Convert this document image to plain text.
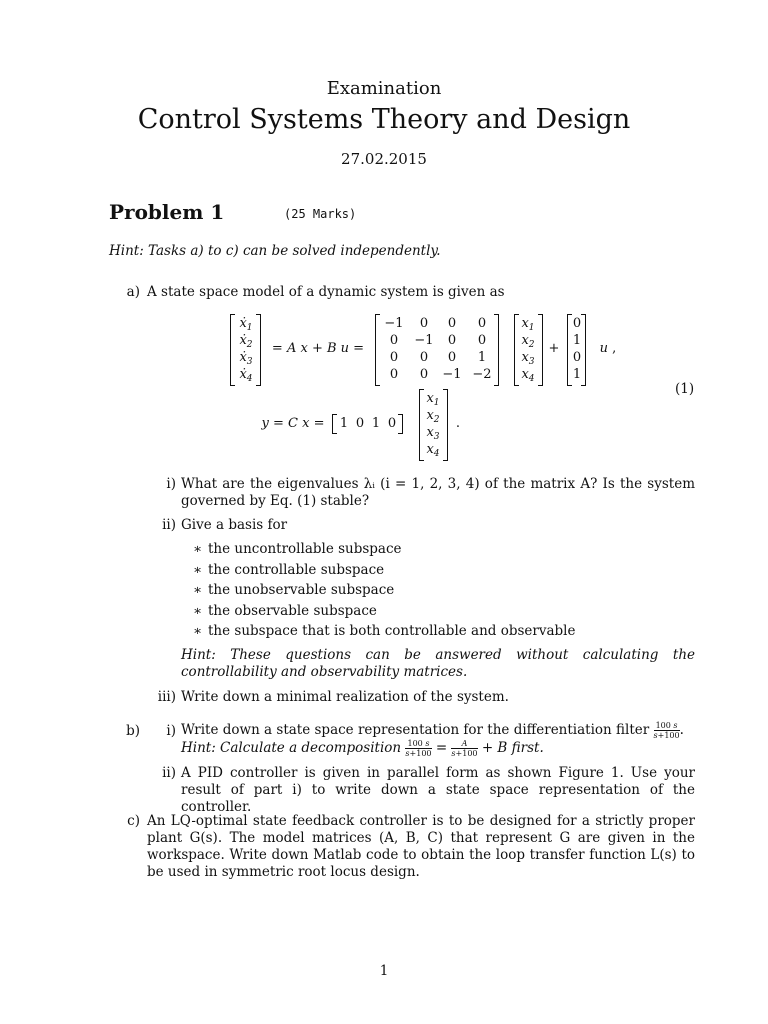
Examination
Control Systems Theory and Design
27.02.2015
Problem 1	(25 Marks)
Hint: Tasks a) to c) can be solved independently.
a) A state space model of a dynamic system is given as
ẋ$_1$
ẋ$_2$
ẋ$_3$
ẋ$_4$
= A x + B u =
−1	0	0	0
0	−1	0	0
0	0	0	1
0	0	−1 −2
$x_1$
$x_2$
$x_3$
$x_4$
+
0
1
0
1
u ,
(1)
y = C x =	1 0 1 0
$x_1$
$x_2$
$x_3$
$x_4$
.
i) What are the eigenvalues λᵢ (i = 1, 2, 3, 4) of the matrix A? Is the system governed by Eq. (1) stable?
ii) Give a basis for
∗ the uncontrollable subspace
∗ the controllable subspace
∗ the unobservable subspace
∗ the observable subspace
∗ the subspace that is both controllable and observable
Hint: These questions can be answered without calculating the controllability and observability matrices.
iii) Write down a minimal realization of the system.
b)	i) Write down a state space representation for the differentiation filter $\frac{100 s}{s+100}$ .
Hint: Calculate a decomposition $\frac{100 s}{s+100} = \frac{A}{s+100} + B$ first.
ii) A PID controller is given in parallel form as shown Figure 1. Use your result of part i) to write down a state space representation of the controller.
c) An LQ-optimal state feedback controller is to be designed for a strictly proper plant G(s). The model matrices (A, B, C) that represent G are given in the workspace. Write down Matlab code to obtain the loop transfer function L(s) to be used in symmetric root locus design.
1
